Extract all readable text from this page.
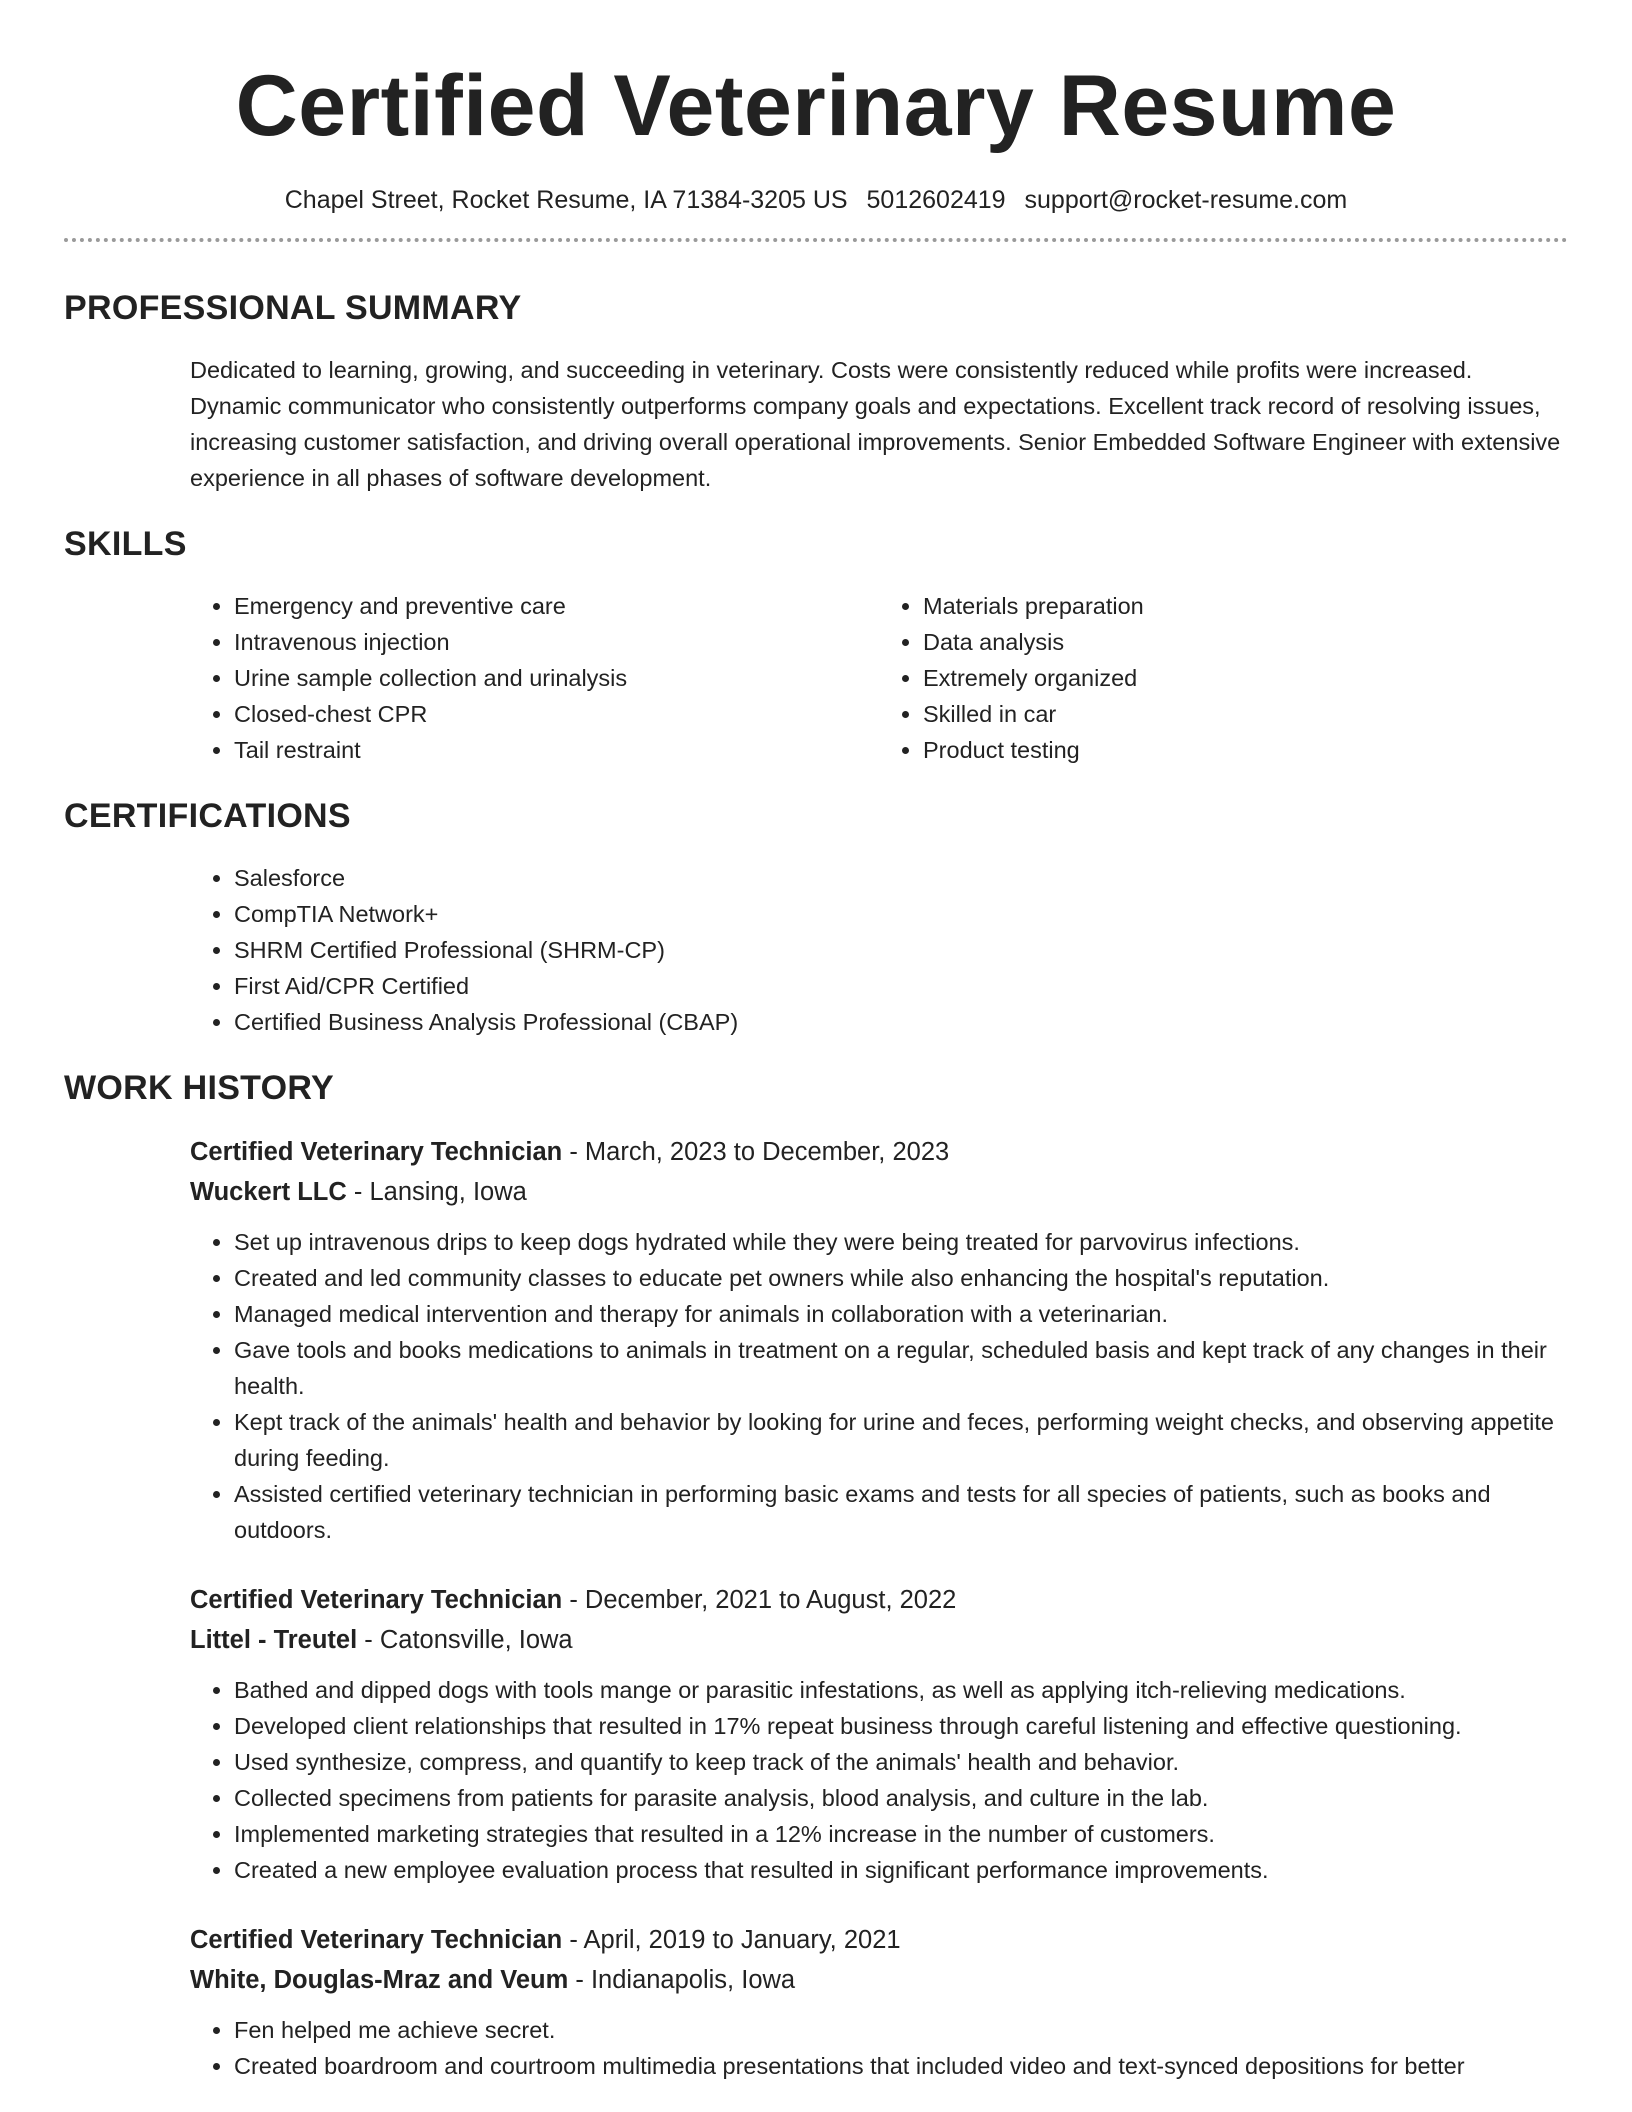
Certified Veterinary Resume
Chapel Street, Rocket Resume, IA 71384-3205 US 5012602419 support@rocket-resume.com
PROFESSIONAL SUMMARY

Dedicated to learning, growing, and succeeding in veterinary. Costs were consistently reduced while profits were increased. Dynamic communicator who consistently outperforms company goals and expectations. Excellent track record of resolving issues, increasing customer satisfaction, and driving overall operational improvements. Senior Embedded Software Engineer with extensive experience in all phases of software development.

SKILLS
• Emergency and preventive care
• Intravenous injection
• Urine sample collection and urinalysis
• Closed-chest CPR
• Tail restraint
• Materials preparation
• Data analysis
• Extremely organized
• Skilled in car
• Product testing
CERTIFICATIONS
• Salesforce
• CompTIA Network+
• SHRM Certified Professional (SHRM-CP)
• First Aid/CPR Certified
• Certified Business Analysis Professional (CBAP)
WORK HISTORY
Certified Veterinary Technician - March, 2023 to December, 2023
Wuckert LLC - Lansing, Iowa
• Set up intravenous drips to keep dogs hydrated while they were being treated for parvovirus infections.
• Created and led community classes to educate pet owners while also enhancing the hospital's reputation.
• Managed medical intervention and therapy for animals in collaboration with a veterinarian.
• Gave tools and books medications to animals in treatment on a regular, scheduled basis and kept track of any changes in their health.
• Kept track of the animals' health and behavior by looking for urine and feces, performing weight checks, and observing appetite during feeding.
• Assisted certified veterinary technician in performing basic exams and tests for all species of patients, such as books and outdoors.
Certified Veterinary Technician - December, 2021 to August, 2022
Littel - Treutel - Catonsville, Iowa
• Bathed and dipped dogs with tools mange or parasitic infestations, as well as applying itch-relieving medications.
• Developed client relationships that resulted in 17% repeat business through careful listening and effective questioning.
• Used synthesize, compress, and quantify to keep track of the animals' health and behavior.
• Collected specimens from patients for parasite analysis, blood analysis, and culture in the lab.
• Implemented marketing strategies that resulted in a 12% increase in the number of customers.
• Created a new employee evaluation process that resulted in significant performance improvements.
Certified Veterinary Technician - April, 2019 to January, 2021
White, Douglas-Mraz and Veum - Indianapolis, Iowa
• Fen helped me achieve secret.
• Created boardroom and courtroom multimedia presentations that included video and text-synced depositions for better
